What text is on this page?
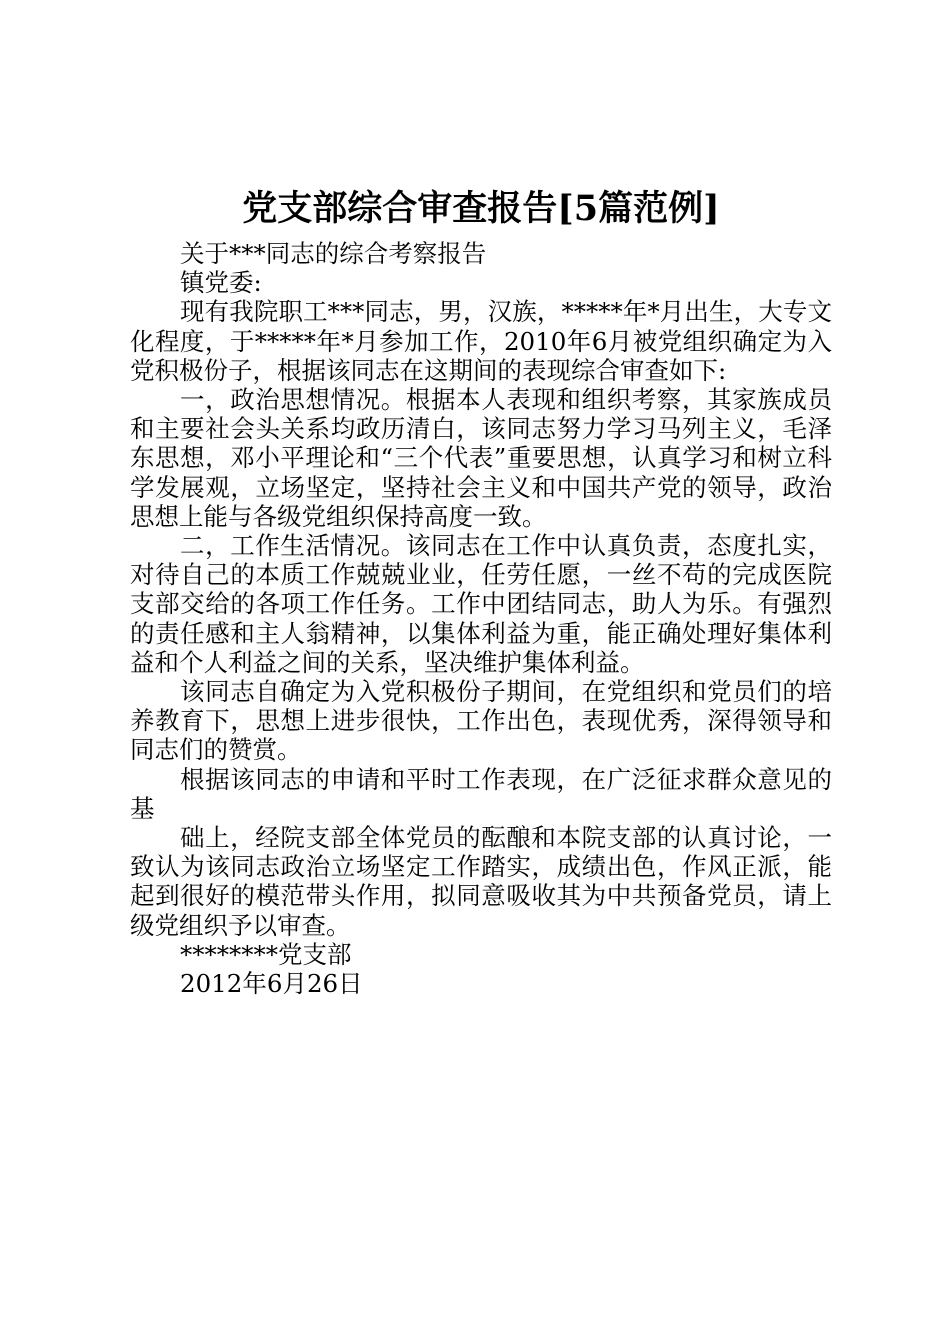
党支部综合审查报告[5篇范例]
关于***同志的综合考察报告
镇党委:

现有我院职工***同志，男，汉族，*****年*月出生，大专文化程度，于*****年*月参加工作，2010年6月被党组织确定为入党积极份子，根据该同志在这期间的表现综合审查如下:

一，政治思想情况。根据本人表现和组织考察，其家族成员和主要社会头关系均政历清白，该同志努力学习马列主义，毛泽东思想，邓小平理论和“三个代表”重要思想，认真学习和树立科学发展观，立场坚定，坚持社会主义和中国共产党的领导，政治思想上能与各级党组织保持高度一致。

二，工作生活情况。该同志在工作中认真负责，态度扎实，对待自己的本质工作兢兢业业，任劳任愿，一丝不苟的完成医院支部交给的各项工作任务。工作中团结同志，助人为乐。有强烈的责任感和主人翁精神，以集体利益为重，能正确处理好集体利益和个人利益之间的关系，坚决维护集体利益。

该同志自确定为入党积极份子期间，在党组织和党员们的培养教育下，思想上进步很快，工作出色，表现优秀，深得领导和同志们的赞赏。

根据该同志的申请和平时工作表现，在广泛征求群众意见的基

础上，经院支部全体党员的酝酿和本院支部的认真讨论，一致认为该同志政治立场坚定工作踏实，成绩出色，作风正派，能起到很好的模范带头作用，拟同意吸收其为中共预备党员，请上级党组织予以审查。

********党支部
2012年6月26日
